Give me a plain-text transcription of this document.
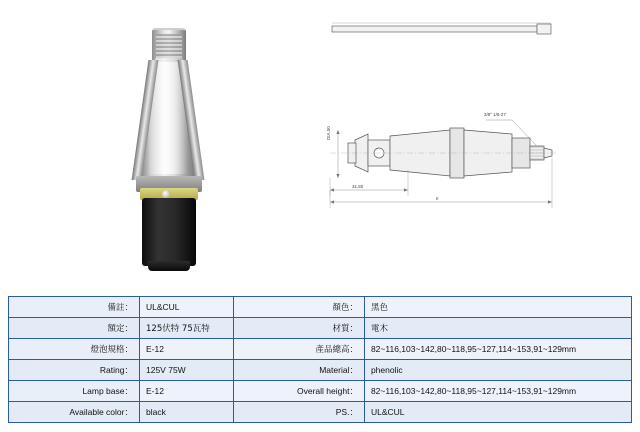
3/8" 1/8-27
DIA.50
31.50
II
備註：	UL&CUL	顏色：	黑色
額定：	125伏特 75瓦特	材質：	電木
燈泡規格：	E-12	產品總高：	82~116,103~142,80~118,95~127,114~153,91~129mm
Rating：	125V 75W	Material：	phenolic
Lamp base：	E-12	Overall height：	82~116,103~142,80~118,95~127,114~153,91~129mm
Available color：	black	PS.：	UL&CUL
